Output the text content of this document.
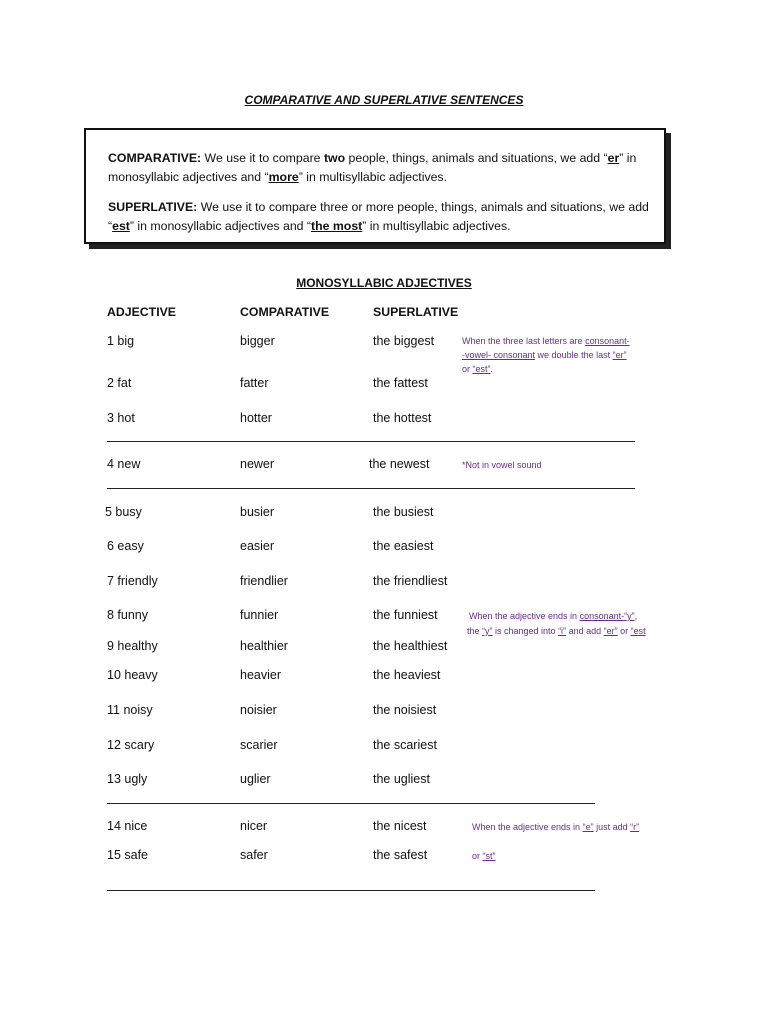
COMPARATIVE AND SUPERLATIVE SENTENCES
COMPARATIVE: We use it to compare two people, things, animals and situations, we add “er” in monosyllabic adjectives and “more” in multisyllabic adjectives.
SUPERLATIVE: We use it to compare three or more people, things, animals and situations, we add “est” in monosyllabic adjectives and “the most” in multisyllabic adjectives.
MONOSYLLABIC ADJECTIVES
ADJECTIVE	COMPARATIVE	SUPERLATIVE
1 big	bigger	the biggest
2 fat	fatter	the fattest
3 hot	hotter	the hottest
4 new	newer	the newest
5 busy	busier	the busiest
6 easy	easier	the easiest
7 friendly	friendlier	the friendliest
8 funny	funnier	the funniest
9 healthy	healthier	the healthiest
10 heavy	heavier	the heaviest
11 noisy	noisier	the noisiest
12 scary	scarier	the scariest
13 ugly	uglier	the ugliest
14 nice	nicer	the nicest
15 safe	safer	the safest
When the three last letters are consonant-
-vowel- consonant we double the last “er”
or “est”.
*Not in vowel sound
When the adjective ends in consonant-“y”,
the “y” is changed into “i” and add “er” or “est
When the adjective ends in “e” just add “r”
or “st”
